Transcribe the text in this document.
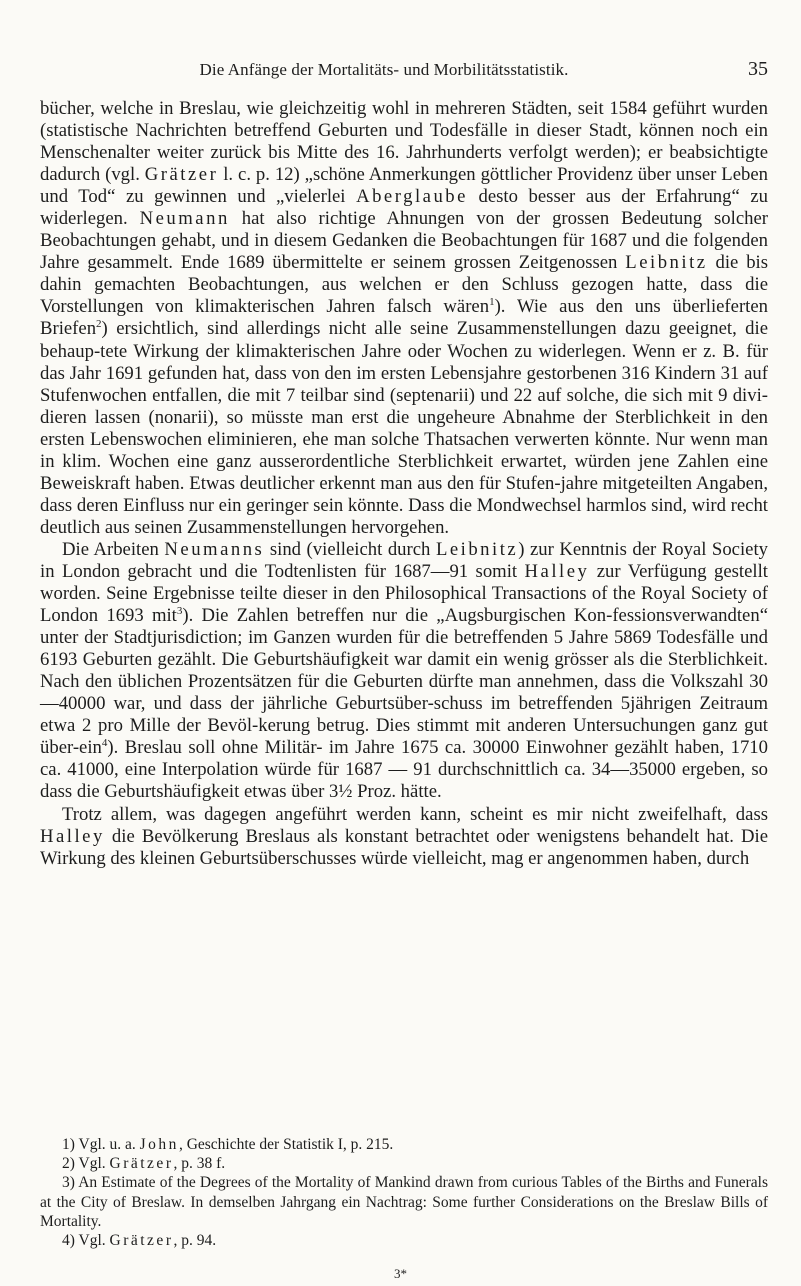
Die Anfänge der Mortalitäts- und Morbilitätsstatistik.	35

bücher, welche in Breslau, wie gleichzeitig wohl in mehreren Städten, seit 1584 geführt wurden (statistische Nachrichten betreffend Geburten und Todesfälle in dieser Stadt, können noch ein Menschenalter weiter zurück bis Mitte des 16. Jahrhunderts verfolgt werden); er beabsichtigte dadurch (vgl. Grätzer l. c. p. 12) „schöne Anmerkungen göttlicher Providenz über unser Leben und Tod“ zu gewinnen und „vielerlei Aberglaube desto besser aus der Erfahrung“ zu widerlegen. Neumann hat also richtige Ahnungen von der grossen Bedeutung solcher Beobachtungen gehabt, und in diesem Gedanken die Beobachtungen für 1687 und die folgenden Jahre gesammelt. Ende 1689 übermittelte er seinem grossen Zeitgenossen Leibnitz die bis dahin gemachten Beobachtungen, aus welchen er den Schluss gezogen hatte, dass die Vorstellungen von klimakterischen Jahren falsch wären$^1$). Wie aus den uns überlieferten Briefen$^2$) ersichtlich, sind allerdings nicht alle seine Zusammenstellungen dazu geeignet, die behaup-tete Wirkung der klimakterischen Jahre oder Wochen zu widerlegen. Wenn er z. B. für das Jahr 1691 gefunden hat, dass von den im ersten Lebensjahre gestorbenen 316 Kindern 31 auf Stufenwochen entfallen, die mit 7 teilbar sind (septenarii) und 22 auf solche, die sich mit 9 divi-dieren lassen (nonarii), so müsste man erst die ungeheure Abnahme der Sterblichkeit in den ersten Lebenswochen eliminieren, ehe man solche Thatsachen verwerten könnte. Nur wenn man in klim. Wochen eine ganz ausserordentliche Sterblichkeit erwartet, würden jene Zahlen eine Beweiskraft haben. Etwas deutlicher erkennt man aus den für Stufen-jahre mitgeteilten Angaben, dass deren Einfluss nur ein geringer sein könnte. Dass die Mondwechsel harmlos sind, wird recht deutlich aus seinen Zusammenstellungen hervorgehen.

Die Arbeiten Neumanns sind (vielleicht durch Leibnitz) zur Kenntnis der Royal Society in London gebracht und die Todtenlisten für 1687—91 somit Halley zur Verfügung gestellt worden. Seine Ergebnisse teilte dieser in den Philosophical Transactions of the Royal Society of London 1693 mit$^3$). Die Zahlen betreffen nur die „Augsburgischen Kon-fessionsverwandten“ unter der Stadtjurisdiction; im Ganzen wurden für die betreffenden 5 Jahre 5869 Todesfälle und 6193 Geburten gezählt. Die Geburtshäufigkeit war damit ein wenig grösser als die Sterblichkeit. Nach den üblichen Prozentsätzen für die Geburten dürfte man annehmen, dass die Volkszahl 30—40000 war, und dass der jährliche Geburtsüber-schuss im betreffenden 5jährigen Zeitraum etwa 2 pro Mille der Bevöl-kerung betrug. Dies stimmt mit anderen Untersuchungen ganz gut über-ein$^4$). Breslau soll ohne Militär- im Jahre 1675 ca. 30000 Einwohner gezählt haben, 1710 ca. 41000, eine Interpolation würde für 1687 — 91 durchschnittlich ca. 34—35000 ergeben, so dass die Geburtshäufigkeit etwas über 3½ Proz. hätte.

Trotz allem, was dagegen angeführt werden kann, scheint es mir nicht zweifelhaft, dass Halley die Bevölkerung Breslaus als konstant betrachtet oder wenigstens behandelt hat. Die Wirkung des kleinen Geburtsüberschusses würde vielleicht, mag er angenommen haben, durch

1) Vgl. u. a. John, Geschichte der Statistik I, p. 215.

2) Vgl. Grätzer, p. 38 f.

3) An Estimate of the Degrees of the Mortality of Mankind drawn from curious Tables of the Births and Funerals at the City of Breslaw. In demselben Jahrgang ein Nachtrag: Some further Considerations on the Breslaw Bills of Mortality.

4) Vgl. Grätzer, p. 94.

3*
